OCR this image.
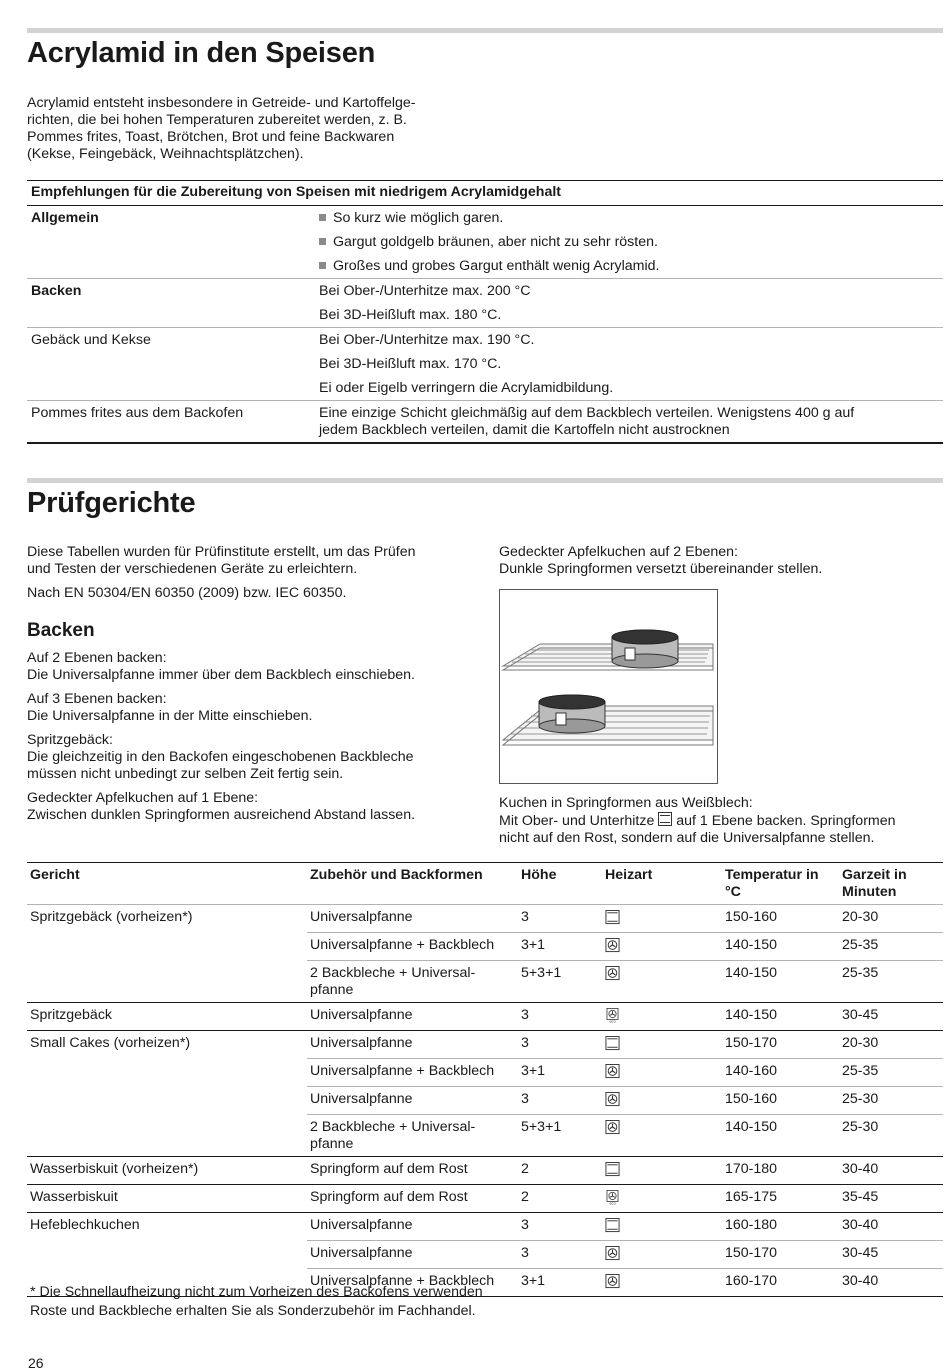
Acrylamid in den Speisen
Acrylamid entsteht insbesondere in Getreide- und Kartoffelge-
richten, die bei hohen Temperaturen zubereitet werden, z. B.
Pommes frites, Toast, Brötchen, Brot und feine Backwaren
(Kekse, Feingebäck, Weihnachtsplätzchen).
Empfehlungen für die Zubereitung von Speisen mit niedrigem Acrylamidgehalt	
Allgemein	So kurz wie möglich garen.
	Gargut goldgelb bräunen, aber nicht zu sehr rösten.
	Großes und grobes Gargut enthält wenig Acrylamid.
Backen	Bei Ober-/Unterhitze max. 200 °C
	Bei 3D-Heißluft max. 180 °C.
Gebäck und Kekse	Bei Ober-/Unterhitze max. 190 °C.
	Bei 3D-Heißluft max. 170 °C.
	Ei oder Eigelb verringern die Acrylamidbildung.
Pommes frites aus dem Backofen	Eine einzige Schicht gleichmäßig auf dem Backblech verteilen. Wenigstens 400 g auf
jedem Backblech verteilen, damit die Kartoffeln nicht austrocknen
Prüfgerichte
Diese Tabellen wurden für Prüfinstitute erstellt, um das Prüfen
und Testen der verschiedenen Geräte zu erleichtern.
Nach EN 50304/EN 60350 (2009) bzw. IEC 60350.
Backen
Auf 2 Ebenen backen:
Die Universalpfanne immer über dem Backblech einschieben.
Auf 3 Ebenen backen:
Die Universalpfanne in der Mitte einschieben.
Spritzgebäck:
Die gleichzeitig in den Backofen eingeschobenen Backbleche
müssen nicht unbedingt zur selben Zeit fertig sein.
Gedeckter Apfelkuchen auf 1 Ebene:
Zwischen dunklen Springformen ausreichend Abstand lassen.
Gedeckter Apfelkuchen auf 2 Ebenen:
Dunkle Springformen versetzt übereinander stellen.
Kuchen in Springformen aus Weißblech:
Mit Ober- und Unterhitze auf 1 Ebene backen. Springformen
nicht auf den Rost, sondern auf die Universalpfanne stellen.
Gericht	Zubehör und Backformen	Höhe	Heizart	Temperatur in
°C	Garzeit in
Minuten
Spritzgebäck (vorheizen*)	Universalpfanne	3		150-160	20-30
	Universalpfanne + Backblech	3+1		140-150	25-35
	2 Backbleche + Universal-
pfanne	5+3+1		140-150	25-35
Spritzgebäck	Universalpfanne	3	eco	140-150	30-45
Small Cakes (vorheizen*)	Universalpfanne	3		150-170	20-30
	Universalpfanne + Backblech	3+1		140-160	25-35
	Universalpfanne	3		150-160	25-30
	2 Backbleche + Universal-
pfanne	5+3+1		140-150	25-30
Wasserbiskuit (vorheizen*)	Springform auf dem Rost	2		170-180	30-40
Wasserbiskuit	Springform auf dem Rost	2	eco	165-175	35-45
Hefeblechkuchen	Universalpfanne	3		160-180	30-40
	Universalpfanne	3		150-170	30-45
	Universalpfanne + Backblech	3+1		160-170	30-40
* Die Schnellaufheizung nicht zum Vorheizen des Backofens verwenden
Roste und Backbleche erhalten Sie als Sonderzubehör im Fachhandel.
26
